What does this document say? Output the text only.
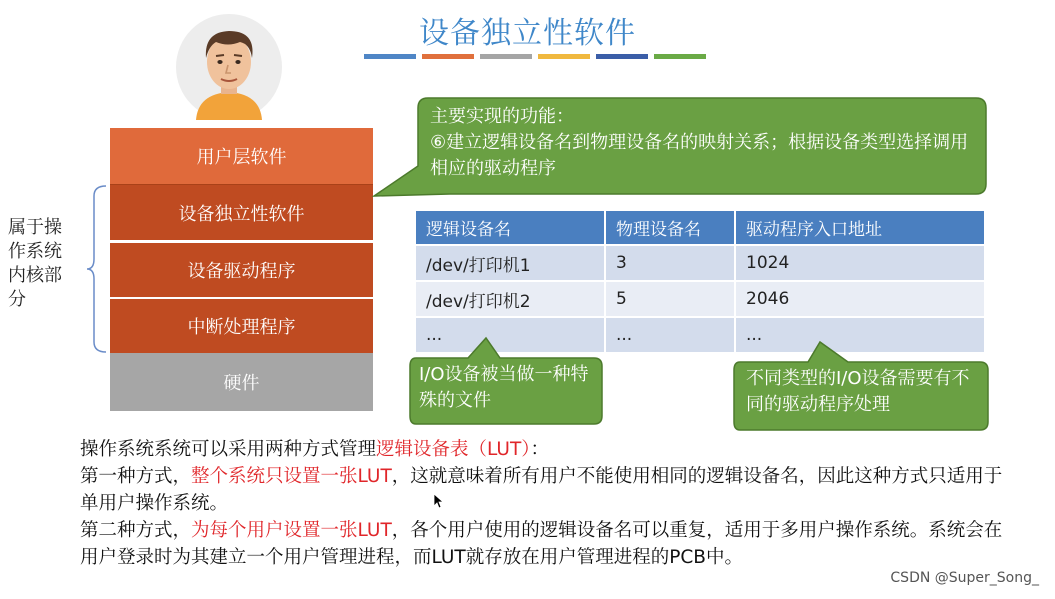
设备独立性软件
用户层软件
设备独立性软件
设备驱动程序
中断处理程序
硬件
属于操作系统内核部分
主要实现的功能：
⑥建立逻辑设备名到物理设备名的映射关系；根据设备类型选择调用相应的驱动程序
逻辑设备名	物理设备名	驱动程序入口地址
/dev/打印机1	3	1024
/dev/打印机2	5	2046
...	...	...
I/O设备被当做一种特殊的文件
不同类型的I/O设备需要有不同的驱动程序处理
操作系统系统可以采用两种方式管理逻辑设备表（LUT）：
第一种方式，整个系统只设置一张LUT，这就意味着所有用户不能使用相同的逻辑设备名，因此这种方式只适用于单用户操作系统。
第二种方式，为每个用户设置一张LUT，各个用户使用的逻辑设备名可以重复，适用于多用户操作系统。系统会在用户登录时为其建立一个用户管理进程，而LUT就存放在用户管理进程的PCB中。
CSDN @Super_Song_
